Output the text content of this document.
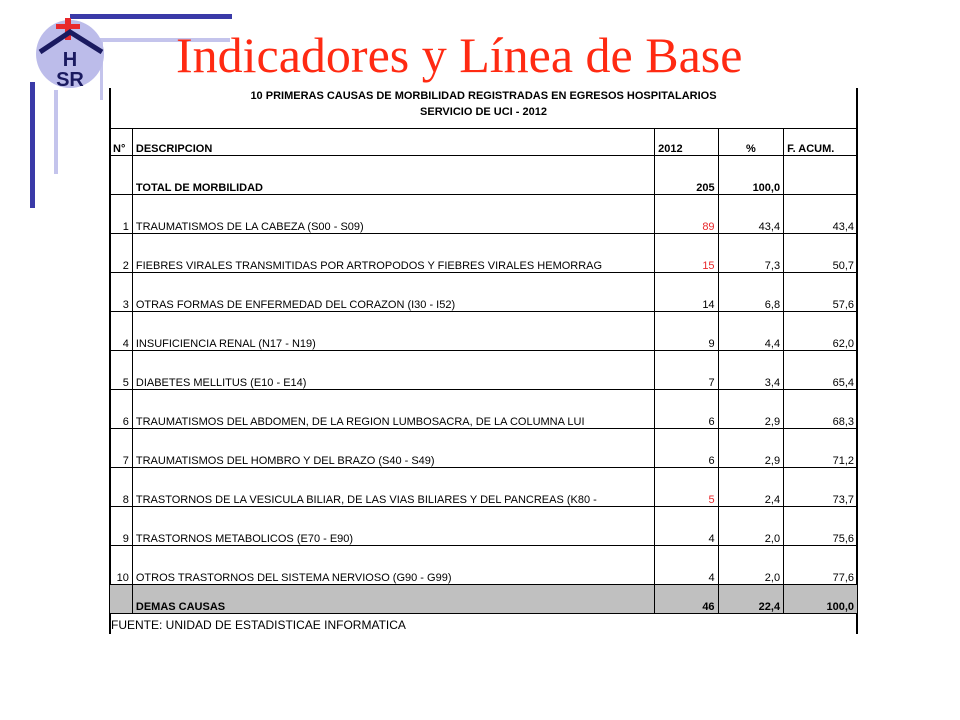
H
SR Indicadores y Línea de Base
10 PRIMERAS CAUSAS DE MORBILIDAD REGISTRADAS EN EGRESOS HOSPITALARIOS
SERVICIO DE UCI - 2012
N°	DESCRIPCION	2012	%	F. ACUM.
	TOTAL DE MORBILIDAD	205	100,0	
1	TRAUMATISMOS DE LA CABEZA (S00 - S09)	89	43,4	43,4
2	FIEBRES VIRALES TRANSMITIDAS POR ARTROPODOS Y FIEBRES VIRALES HEMORRAG	15	7,3	50,7
3	OTRAS FORMAS DE ENFERMEDAD DEL CORAZON (I30 - I52)	14	6,8	57,6
4	INSUFICIENCIA RENAL (N17 - N19)	9	4,4	62,0
5	DIABETES MELLITUS (E10 - E14)	7	3,4	65,4
6	TRAUMATISMOS DEL ABDOMEN, DE LA REGION LUMBOSACRA, DE LA COLUMNA LUI	6	2,9	68,3
7	TRAUMATISMOS DEL HOMBRO Y DEL BRAZO (S40 - S49)	6	2,9	71,2
8	TRASTORNOS DE LA VESICULA BILIAR, DE LAS VIAS BILIARES Y DEL PANCREAS (K80 -	5	2,4	73,7
9	TRASTORNOS METABOLICOS (E70 - E90)	4	2,0	75,6
10	OTROS TRASTORNOS DEL SISTEMA NERVIOSO (G90 - G99)	4	2,0	77,6
	DEMAS CAUSAS	46	22,4	100,0
FUENTE: UNIDAD DE ESTADISTICAE INFORMATICA
